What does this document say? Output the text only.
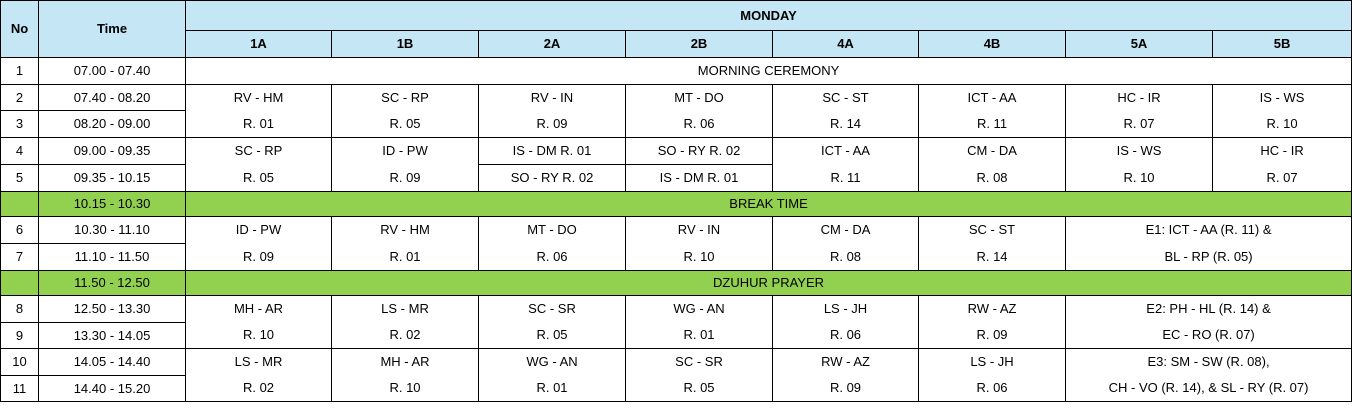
No	Time	MONDAY							
		1A	1B	2A	2B	4A	4B	5A	5B
1	07.00 - 07.40	MORNING CEREMONY							
2	07.40 - 08.20	RV - HM	SC - RP	RV - IN	MT - DO	SC - ST	ICT - AA	HC - IR	IS - WS
3	08.20 - 09.00	R. 01	R. 05	R. 09	R. 06	R. 14	R. 11	R. 07	R. 10
4	09.00 - 09.35	SC - RP	ID - PW	IS - DM R. 01	SO - RY R. 02	ICT - AA	CM - DA	IS - WS	HC - IR
5	09.35 - 10.15	R. 05	R. 09	SO - RY R. 02	IS - DM R. 01	R. 11	R. 08	R. 10	R. 07
	10.15 - 10.30	BREAK TIME							
6	10.30 - 11.10	ID - PW	RV - HM	MT - DO	RV - IN	CM - DA	SC - ST	E1: ICT - AA (R. 11) &	
7	11.10 - 11.50	R. 09	R. 01	R. 06	R. 10	R. 08	R. 14	BL - RP (R. 05)	
	11.50 - 12.50	DZUHUR PRAYER							
8	12.50 - 13.30	MH - AR	LS - MR	SC - SR	WG - AN	LS - JH	RW - AZ	E2: PH - HL (R. 14) &	
9	13.30 - 14.05	R. 10	R. 02	R. 05	R. 01	R. 06	R. 09	EC - RO (R. 07)	
10	14.05 - 14.40	LS - MR	MH - AR	WG - AN	SC - SR	RW - AZ	LS - JH	E3: SM - SW (R. 08),	
11	14.40 - 15.20	R. 02	R. 10	R. 01	R. 05	R. 09	R. 06	CH - VO (R. 14), & SL - RY (R. 07)	
